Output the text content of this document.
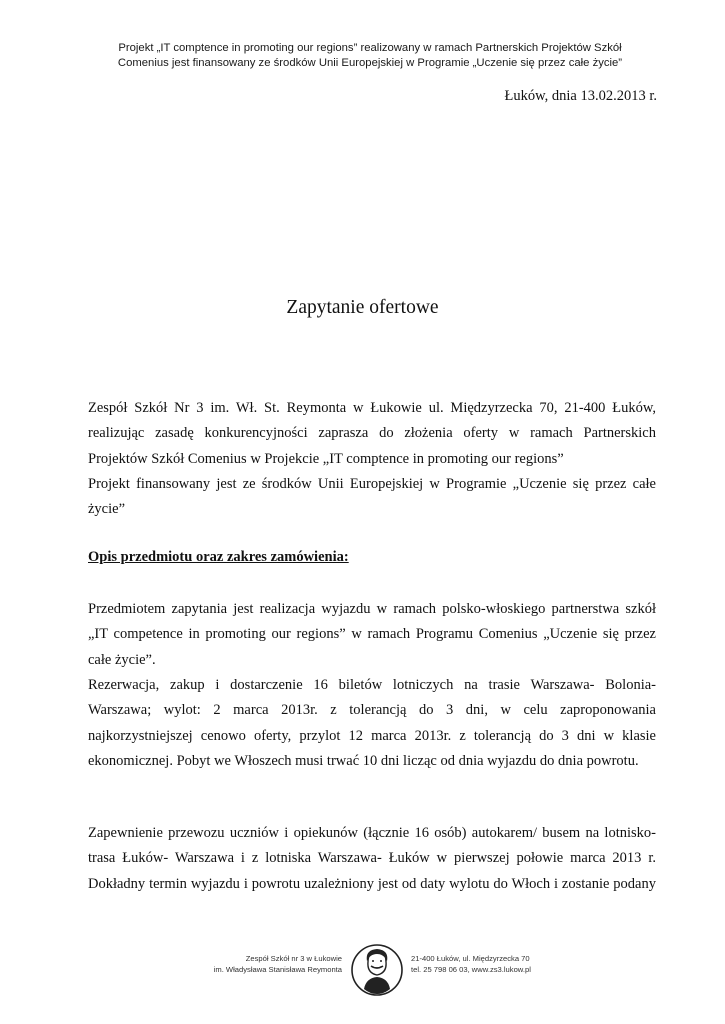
Projekt „IT comptence in promoting our regions” realizowany w ramach Partnerskich Projektów Szkół
Comenius jest finansowany ze środków Unii Europejskiej w Programie „Uczenie się przez całe życie”
Łuków, dnia 13.02.2013 r.
Zapytanie ofertowe
Zespół Szkół Nr 3 im. Wł. St. Reymonta w Łukowie ul. Międzyrzecka 70, 21-400 Łuków,
realizując zasadę konkurencyjności zaprasza do złożenia oferty w ramach Partnerskich
Projektów Szkół Comenius w Projekcie „IT comptence in promoting our regions”
Projekt finansowany jest ze środków Unii Europejskiej w Programie „Uczenie się przez całe
życie”
Opis przedmiotu oraz zakres zamówienia:
Przedmiotem zapytania jest realizacja wyjazdu w ramach polsko-włoskiego partnerstwa szkół
„IT competence in promoting our regions” w ramach Programu Comenius „Uczenie się przez
całe życie”.
Rezerwacja, zakup i dostarczenie 16 biletów lotniczych na trasie Warszawa- Bolonia-
Warszawa; wylot: 2 marca 2013r. z tolerancją do 3 dni, w celu zaproponowania
najkorzystniejszej cenowo oferty, przylot 12 marca 2013r. z tolerancją do 3 dni w klasie
ekonomicznej. Pobyt we Włoszech musi trwać 10 dni licząc od dnia wyjazdu do dnia powrotu.
Zapewnienie przewozu uczniów i opiekunów (łącznie 16 osób) autokarem/ busem na lotnisko-
trasa Łuków- Warszawa i z lotniska Warszawa- Łuków w pierwszej połowie marca 2013 r.
Dokładny termin wyjazdu i powrotu uzależniony jest od daty wylotu do Włoch i zostanie podany
Zespół Szkół nr 3 w Łukowie
im. Władysława Stanisława Reymonta
21-400 Łuków, ul. Międzyrzecka 70
tel. 25 798 06 03, www.zs3.lukow.pl
